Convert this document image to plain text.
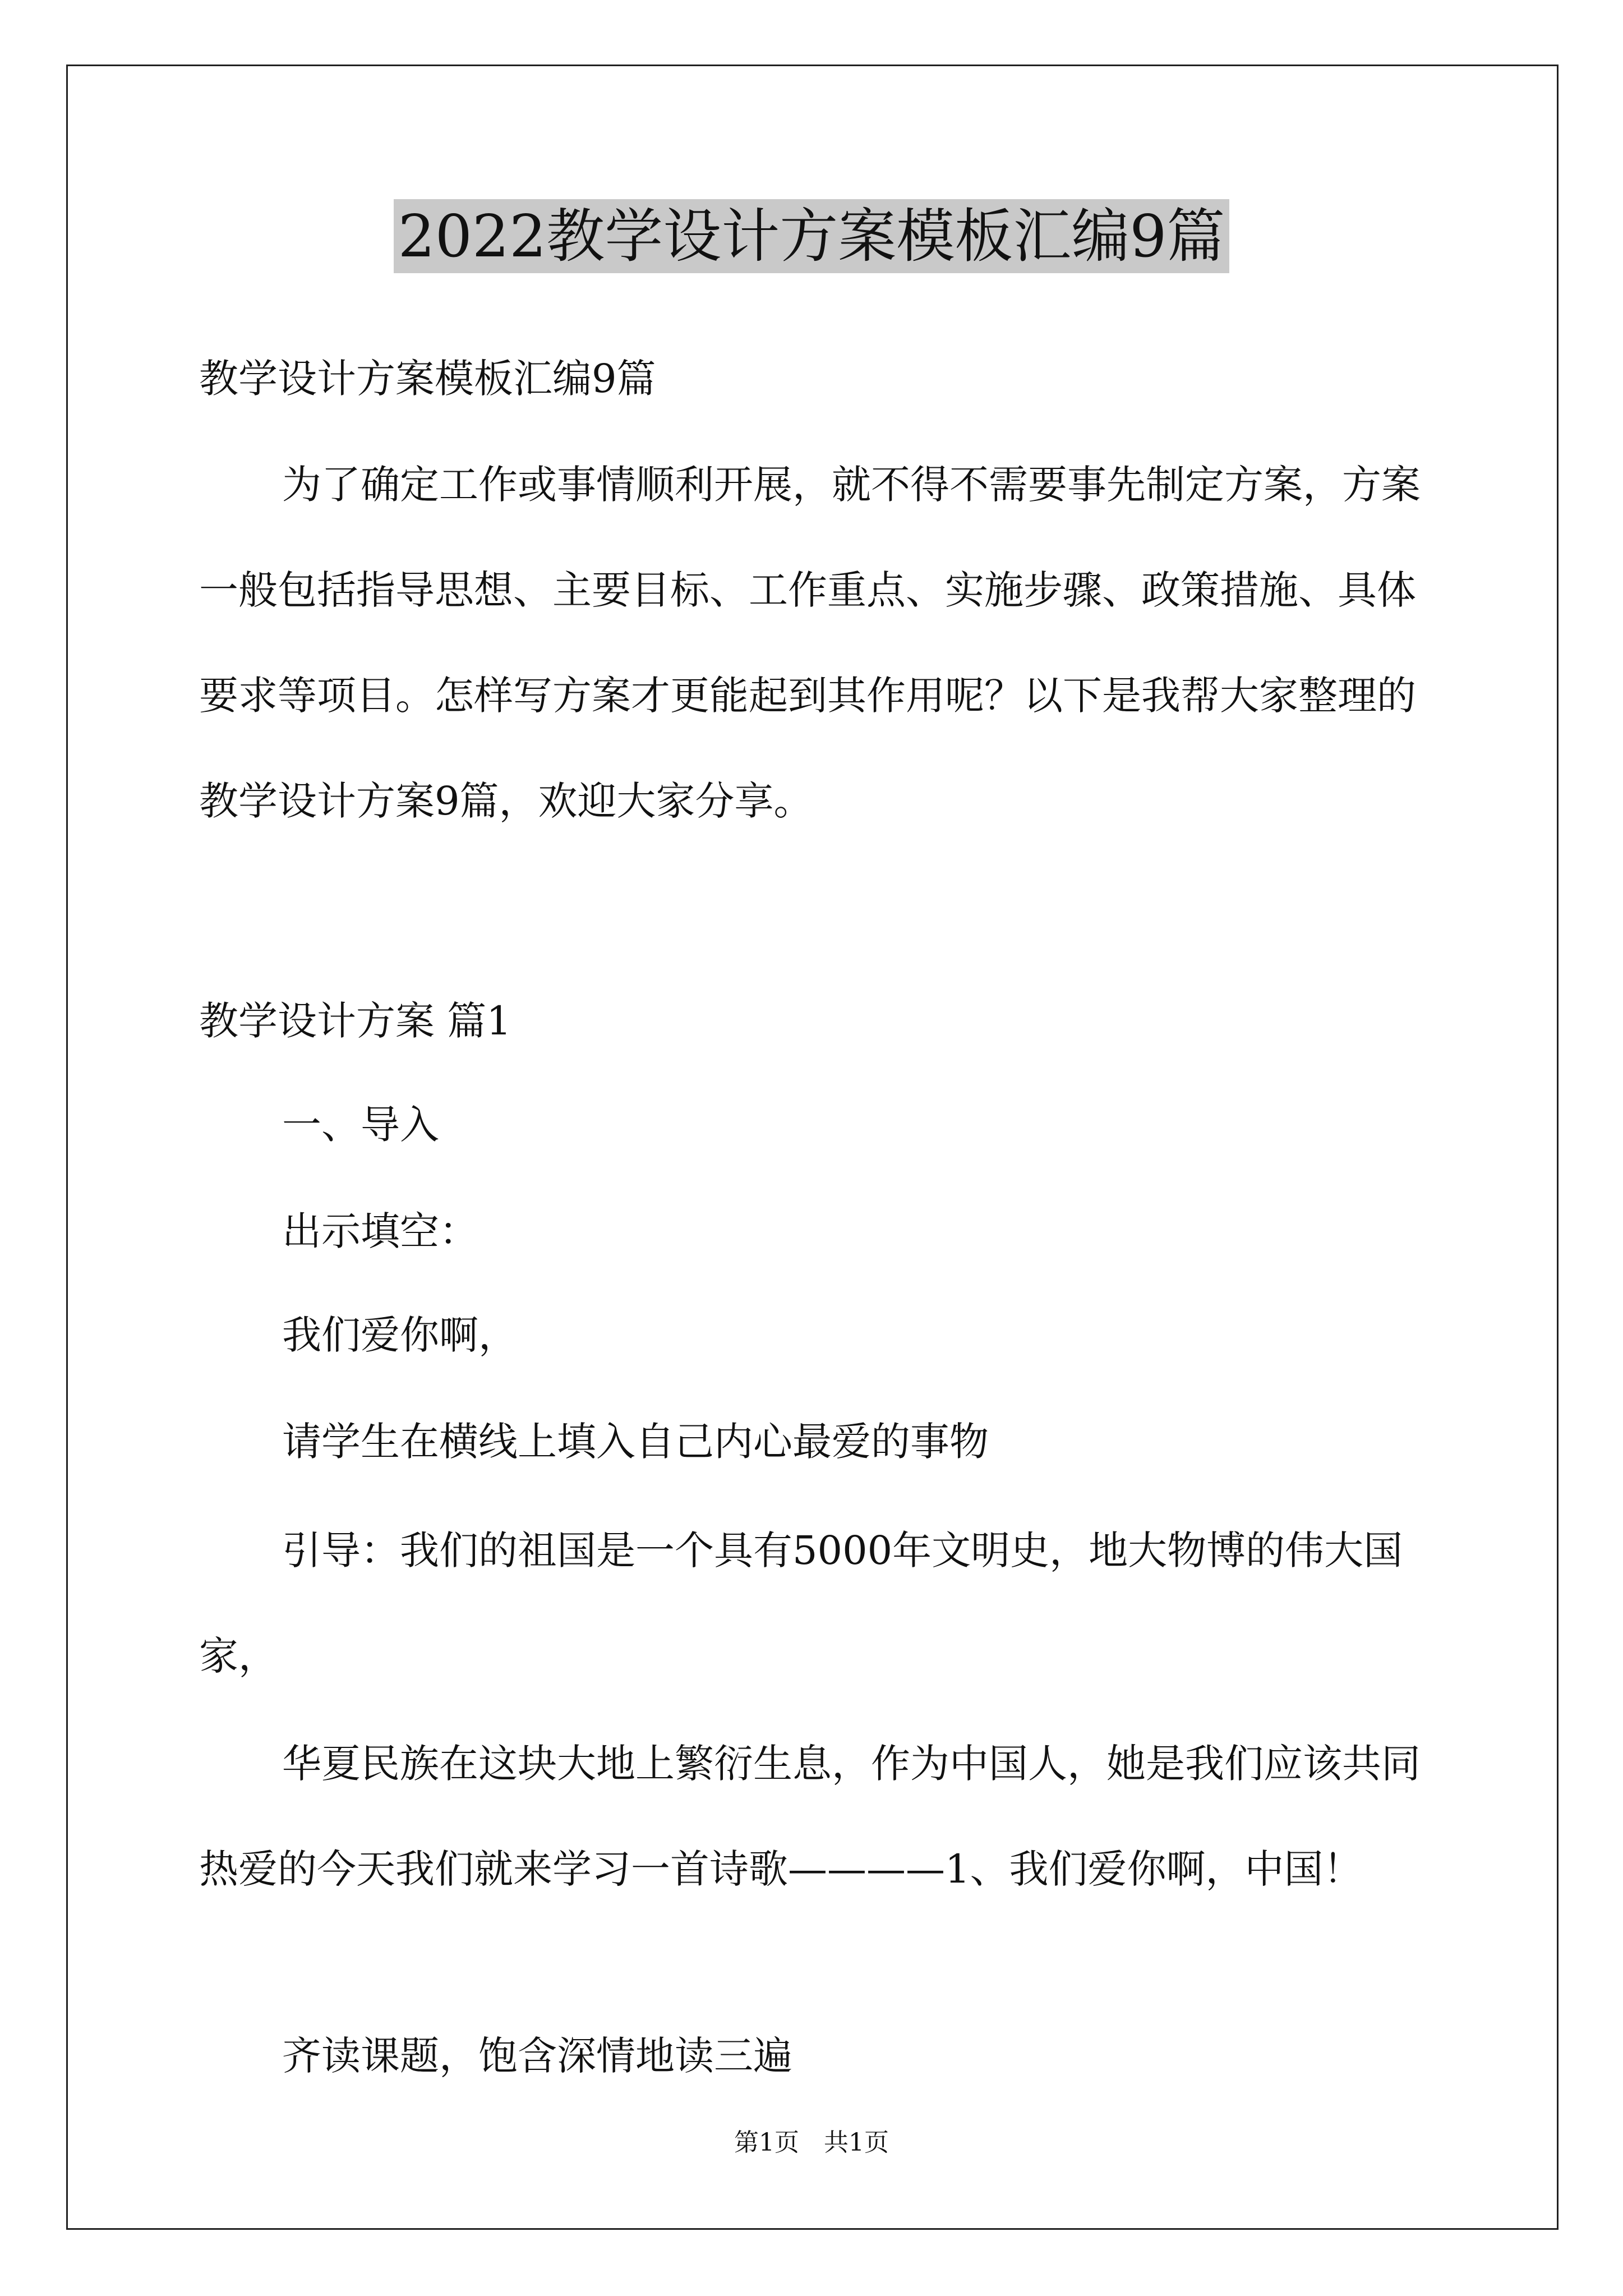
2022教学设计方案模板汇编9篇
教学设计方案模板汇编9篇

为了确定工作或事情顺利开展，就不得不需要事先制定方案，方案一般包括指导思想、主要目标、工作重点、实施步骤、政策措施、具体要求等项目。怎样写方案才更能起到其作用呢？以下是我帮大家整理的教学设计方案9篇，欢迎大家分享。

教学设计方案 篇1
一、导入
出示填空：
我们爱你啊，
请学生在横线上填入自己内心最爱的事物

引导：我们的祖国是一个具有5000年文明史，地大物博的伟大国家，

华夏民族在这块大地上繁衍生息，作为中国人，她是我们应该共同热爱的今天我们就来学习一首诗歌————1、我们爱你啊，中国！

齐读课题，饱含深情地读三遍
第1页　共1页
